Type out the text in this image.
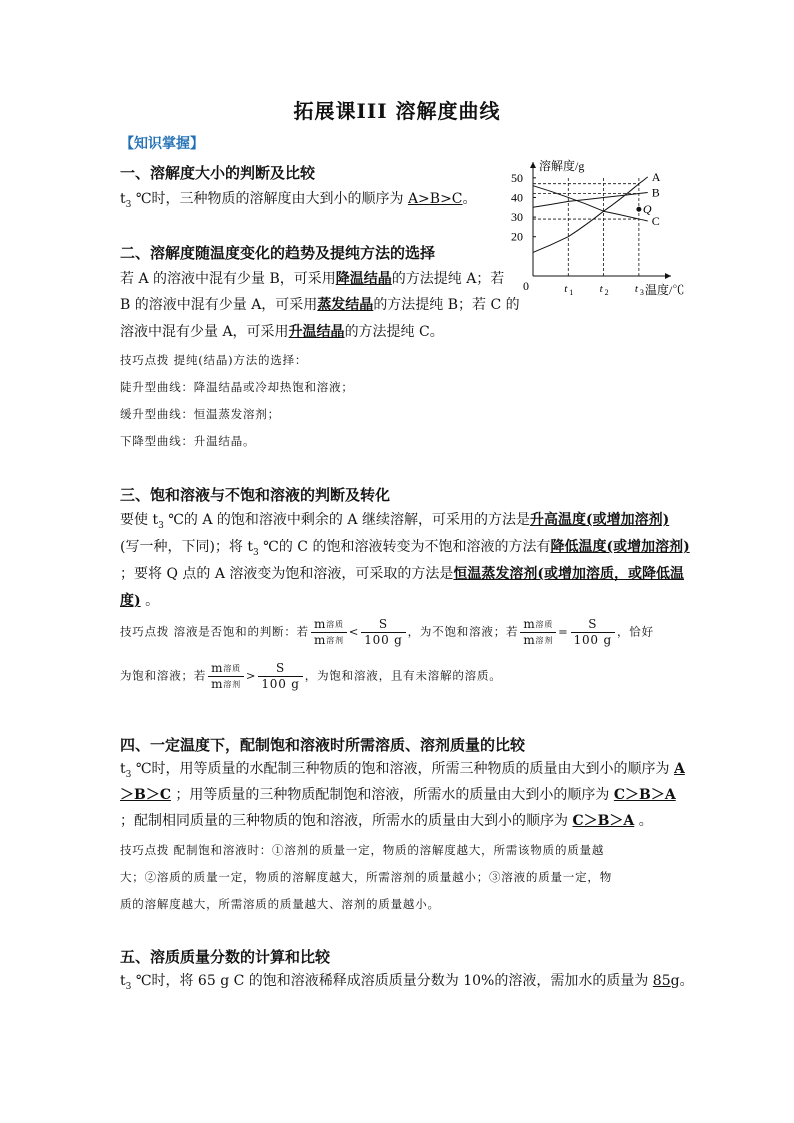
拓展课III 溶解度曲线
【知识掌握】
一、溶解度大小的判断及比较
$t_3$ ℃时，三种物质的溶解度由大到小的顺序为 A>B>C。
溶解度/g
温度/℃
0
20
30
40
50
t 1 t 2 t 3
A
B
C
Q
二、溶解度随温度变化的趋势及提纯方法的选择
若 A 的溶液中混有少量 B，可采用降温结晶的方法提纯 A；若
B 的溶液中混有少量 A，可采用蒸发结晶的方法提纯 B；若 C 的
溶液中混有少量 A，可采用升温结晶的方法提纯 C。
技巧点拨 提纯(结晶)方法的选择：
陡升型曲线：降温结晶或冷却热饱和溶液；
缓升型曲线：恒温蒸发溶剂；
下降型曲线：升温结晶。
三、饱和溶液与不饱和溶液的判断及转化
要使 $t_3$ ℃的 A 的饱和溶液中剩余的 A 继续溶解，可采用的方法是升高温度(或增加溶剂)
(写一种，下同)；将 $t_3$ ℃的 C 的饱和溶液转变为不饱和溶液的方法有降低温度(或增加溶剂)
；要将 Q 点的 A 溶液变为饱和溶液，可采取的方法是恒温蒸发溶剂(或增加溶质，或降低温
度) 。
技巧点拨 溶液是否饱和的判断：若 $\frac{m^{溶质}}{m^{溶剂}} < \frac{S}{100 g}$ ，为不饱和溶液；若 $\frac{m^{溶质}}{m^{溶剂}} = \frac{S}{100 g}$ ，恰好
为饱和溶液；若 $\frac{m^{溶质}}{m^{溶剂}} > \frac{S}{100 g}$ ，为饱和溶液，且有未溶解的溶质。
四、一定温度下，配制饱和溶液时所需溶质、溶剂质量的比较
$t_3$ ℃时，用等质量的水配制三种物质的饱和溶液，所需三种物质的质量由大到小的顺序为 A
＞B＞C ；用等质量的三种物质配制饱和溶液，所需水的质量由大到小的顺序为 C＞B＞A
；配制相同质量的三种物质的饱和溶液，所需水的质量由大到小的顺序为 C＞B＞A 。
技巧点拨 配制饱和溶液时：①溶剂的质量一定，物质的溶解度越大，所需该物质的质量越
大；②溶质的质量一定，物质的溶解度越大，所需溶剂的质量越小；③溶液的质量一定，物
质的溶解度越大，所需溶质的质量越大、溶剂的质量越小。
五、溶质质量分数的计算和比较
$t_3$ ℃时，将 65 g C 的饱和溶液稀释成溶质质量分数为 10%的溶液，需加水的质量为 85g。
